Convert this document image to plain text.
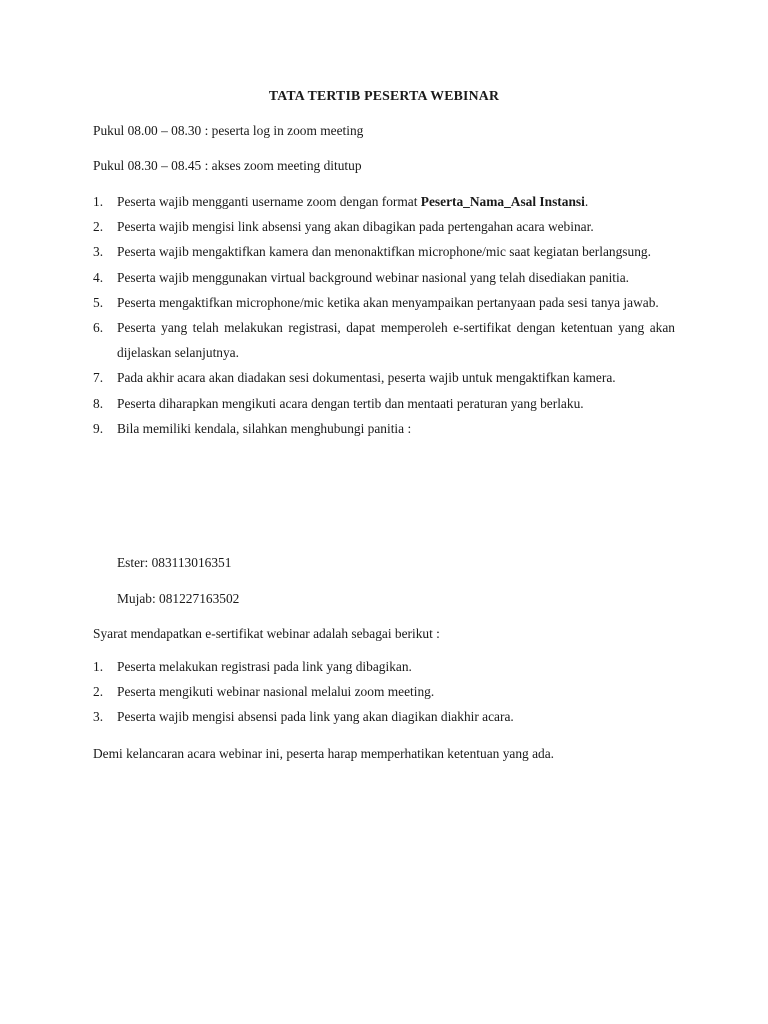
TATA TERTIB PESERTA WEBINAR
Pukul 08.00 – 08.30 : peserta log in zoom meeting
Pukul 08.30 – 08.45 : akses zoom meeting ditutup
1. Peserta wajib mengganti username zoom dengan format Peserta_Nama_Asal Instansi.
2. Peserta wajib mengisi link absensi yang akan dibagikan pada pertengahan acara webinar.
3. Peserta wajib mengaktifkan kamera dan menonaktifkan microphone/mic saat kegiatan berlangsung.
4. Peserta wajib menggunakan virtual background webinar nasional yang telah disediakan panitia.
5. Peserta mengaktifkan microphone/mic ketika akan menyampaikan pertanyaan pada sesi tanya jawab.
6. Peserta yang telah melakukan registrasi, dapat memperoleh e-sertifikat dengan ketentuan yang akan dijelaskan selanjutnya.
7. Pada akhir acara akan diadakan sesi dokumentasi, peserta wajib untuk mengaktifkan kamera.
8. Peserta diharapkan mengikuti acara dengan tertib dan mentaati peraturan yang berlaku.
9. Bila memiliki kendala, silahkan menghubungi panitia :
Ester: 083113016351
Mujab: 081227163502
Syarat mendapatkan e-sertifikat webinar adalah sebagai berikut :
1. Peserta melakukan registrasi pada link yang dibagikan.
2. Peserta mengikuti webinar nasional melalui zoom meeting.
3. Peserta wajib mengisi absensi pada link yang akan diagikan diakhir acara.
Demi kelancaran acara webinar ini, peserta harap memperhatikan ketentuan yang ada.
